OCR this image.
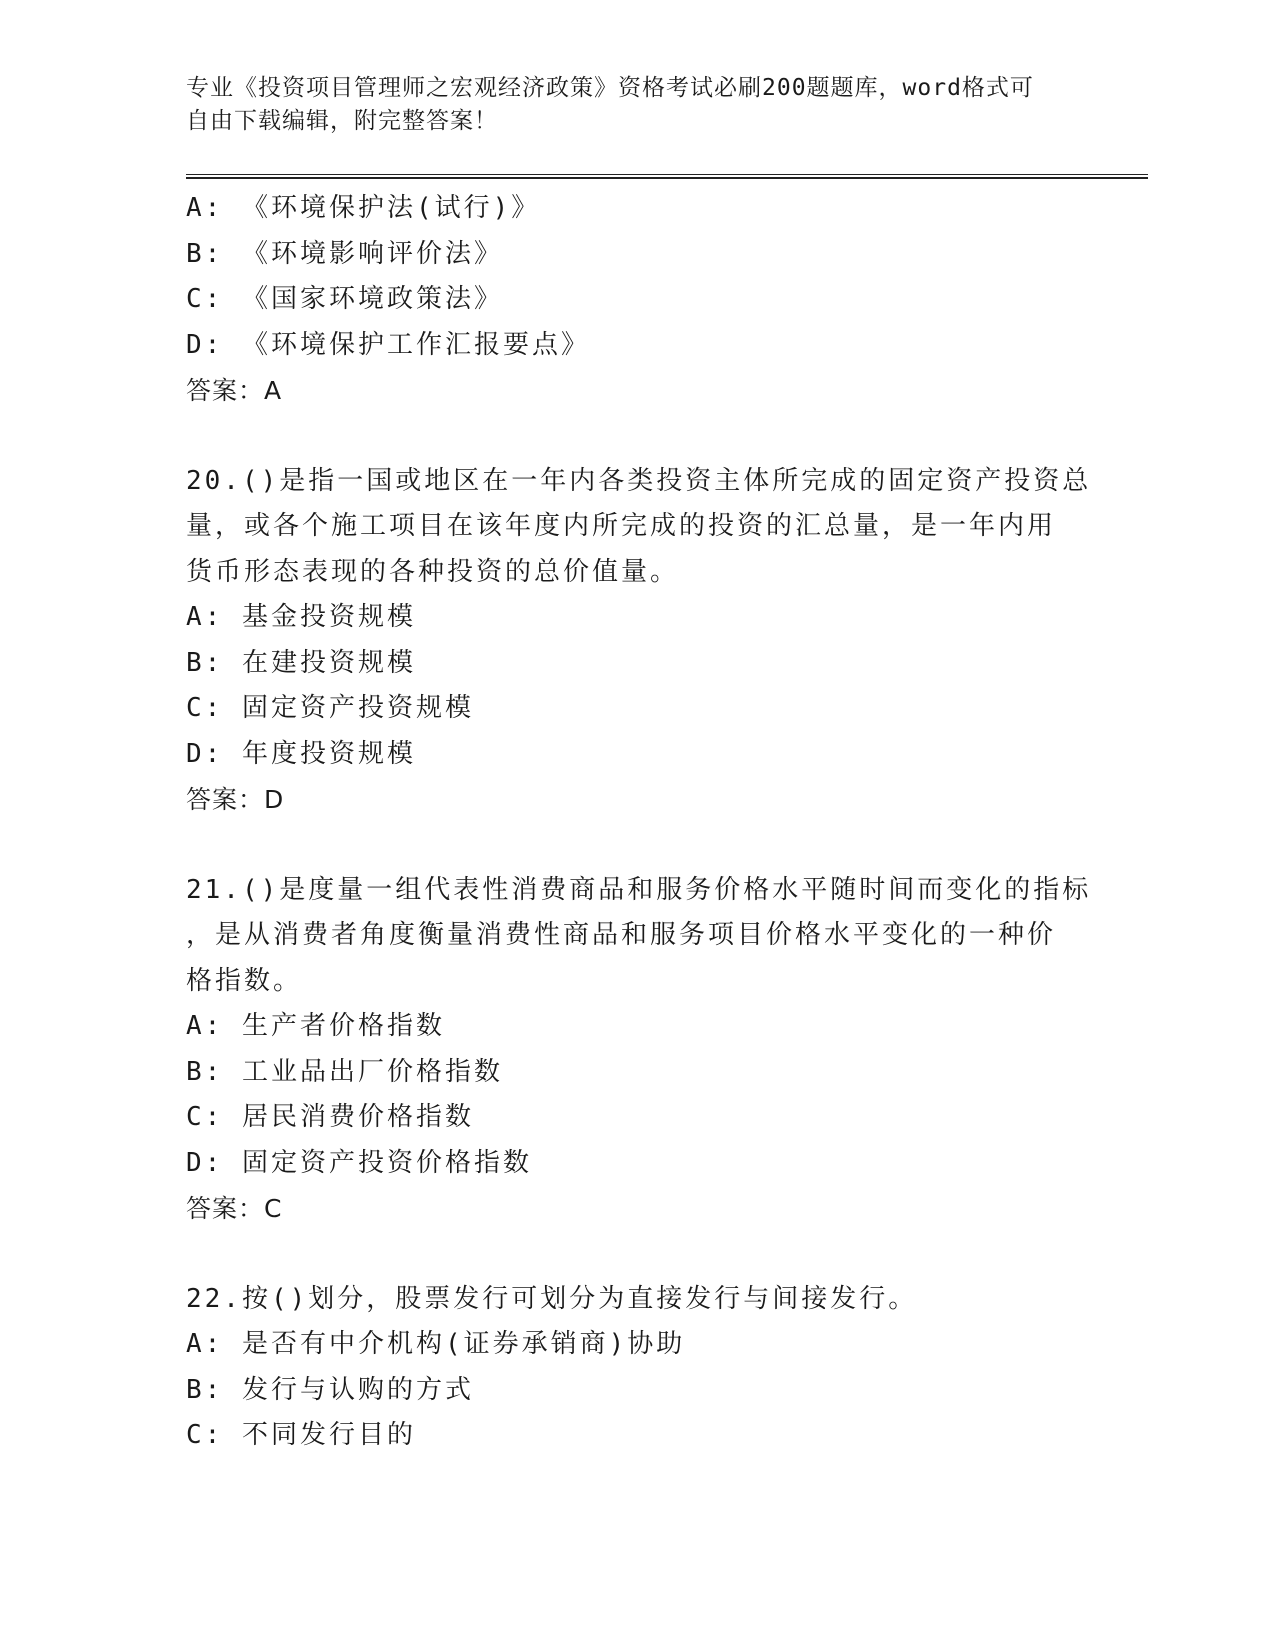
专业《投资项目管理师之宏观经济政策》资格考试必刷200题题库，word格式可
自由下载编辑，附完整答案！
A: 《环境保护法(试行)》
B: 《环境影响评价法》
C: 《国家环境政策法》
D: 《环境保护工作汇报要点》
答案：A
20.()是指一国或地区在一年内各类投资主体所完成的固定资产投资总
量，或各个施工项目在该年度内所完成的投资的汇总量，是一年内用
货币形态表现的各种投资的总价值量。
A: 基金投资规模
B: 在建投资规模
C: 固定资产投资规模
D: 年度投资规模
答案：D
21.()是度量一组代表性消费商品和服务价格水平随时间而变化的指标
，是从消费者角度衡量消费性商品和服务项目价格水平变化的一种价
格指数。
A: 生产者价格指数
B: 工业品出厂价格指数
C: 居民消费价格指数
D: 固定资产投资价格指数
答案：C
22.按()划分，股票发行可划分为直接发行与间接发行。
A: 是否有中介机构(证券承销商)协助
B: 发行与认购的方式
C: 不同发行目的
